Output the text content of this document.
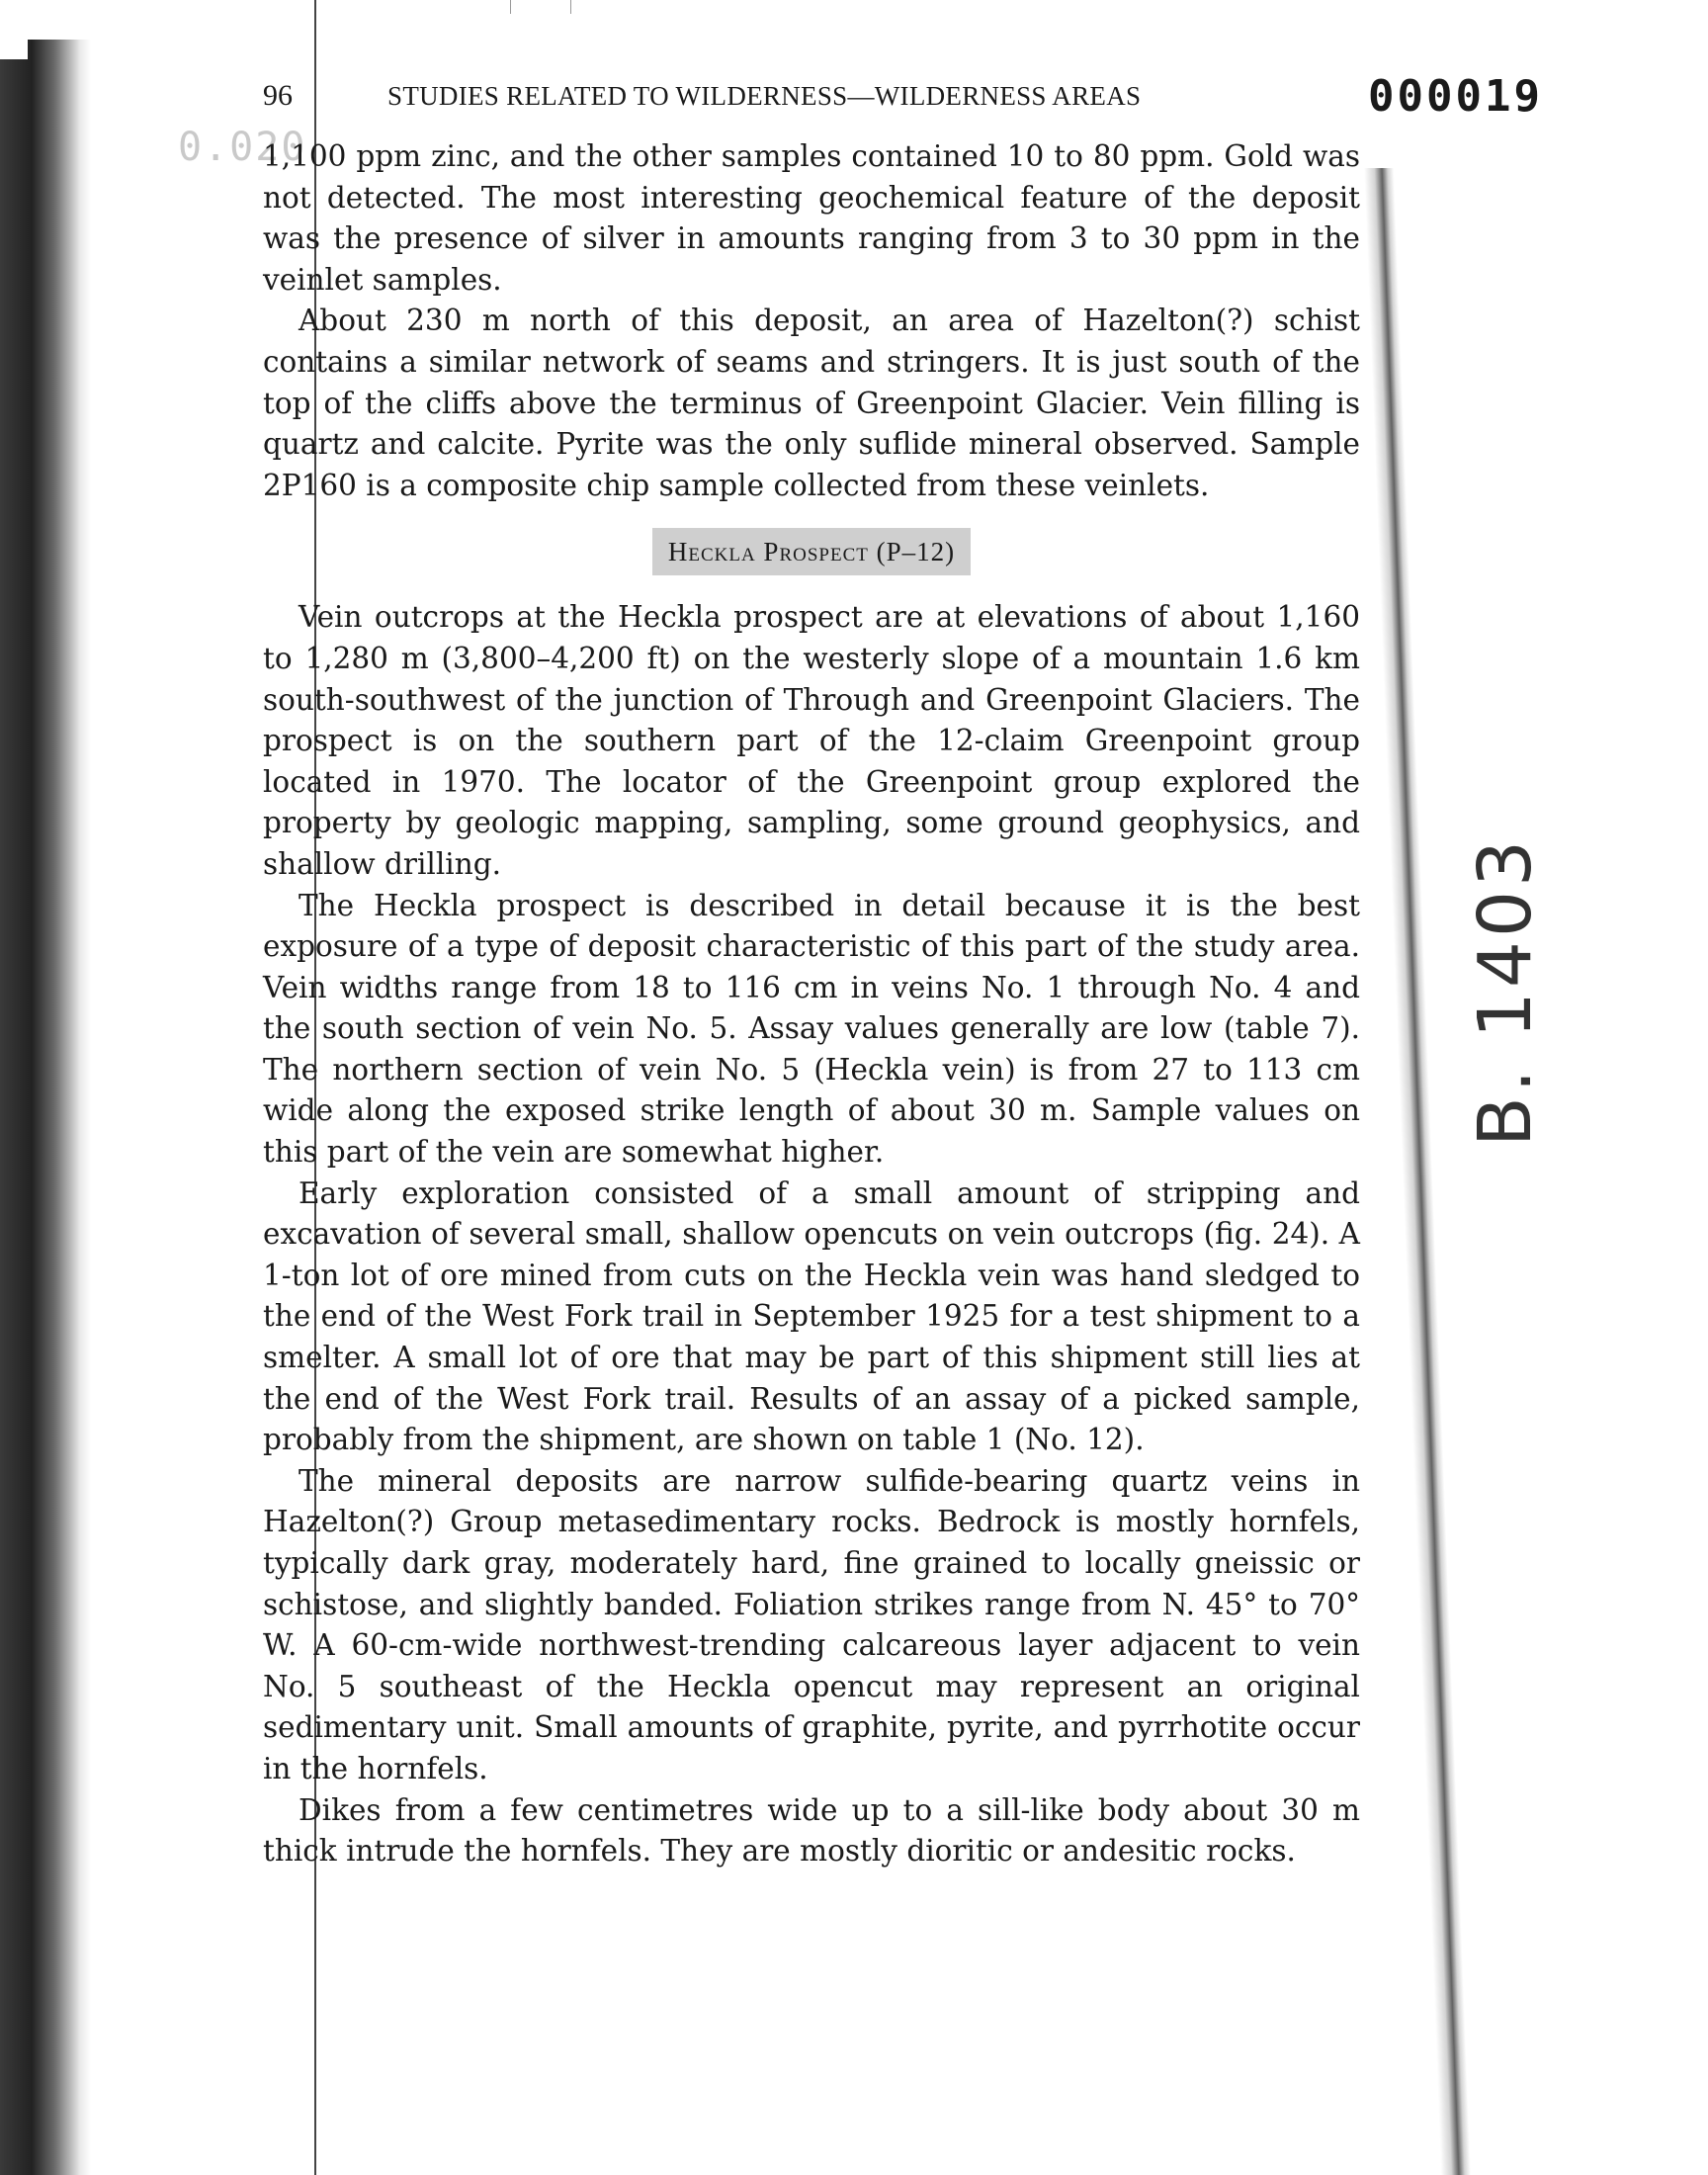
96	STUDIES RELATED TO WILDERNESS—WILDERNESS AREAS	000019
0.020
B. 1403

1,100 ppm zinc, and the other samples contained 10 to 80 ppm. Gold was not detected. The most interesting geochemical feature of the deposit was the presence of silver in amounts ranging from 3 to 30 ppm in the veinlet samples.

About 230 m north of this deposit, an area of Hazelton(?) schist contains a similar network of seams and stringers. It is just south of the top of the cliffs above the terminus of Greenpoint Glacier. Vein filling is quartz and calcite. Pyrite was the only suflide mineral observed. Sample 2P160 is a composite chip sample collected from these veinlets.

Heckla Prospect (P–12)

Vein outcrops at the Heckla prospect are at elevations of about 1,160 to 1,280 m (3,800–4,200 ft) on the westerly slope of a mountain 1.6 km south-southwest of the junction of Through and Greenpoint Glaciers. The prospect is on the southern part of the 12-claim Greenpoint group located in 1970. The locator of the Greenpoint group explored the property by geologic mapping, sampling, some ground geophysics, and shallow drilling.

The Heckla prospect is described in detail because it is the best exposure of a type of deposit characteristic of this part of the study area. Vein widths range from 18 to 116 cm in veins No. 1 through No. 4 and the south section of vein No. 5. Assay values generally are low (table 7). The northern section of vein No. 5 (Heckla vein) is from 27 to 113 cm wide along the exposed strike length of about 30 m. Sample values on this part of the vein are somewhat higher.

Early exploration consisted of a small amount of stripping and excavation of several small, shallow opencuts on vein outcrops (fig. 24). A 1-ton lot of ore mined from cuts on the Heckla vein was hand sledged to the end of the West Fork trail in September 1925 for a test shipment to a smelter. A small lot of ore that may be part of this shipment still lies at the end of the West Fork trail. Results of an assay of a picked sample, probably from the shipment, are shown on table 1 (No. 12).

The mineral deposits are narrow sulfide-bearing quartz veins in Hazelton(?) Group metasedimentary rocks. Bedrock is mostly hornfels, typically dark gray, moderately hard, fine grained to locally gneissic or schistose, and slightly banded. Foliation strikes range from N. 45° to 70° W. A 60-cm-wide northwest-trending calcareous layer adjacent to vein No. 5 southeast of the Heckla opencut may represent an original sedimentary unit. Small amounts of graphite, pyrite, and pyrrhotite occur in the hornfels.

Dikes from a few centimetres wide up to a sill-like body about 30 m thick intrude the hornfels. They are mostly dioritic or andesitic rocks.
